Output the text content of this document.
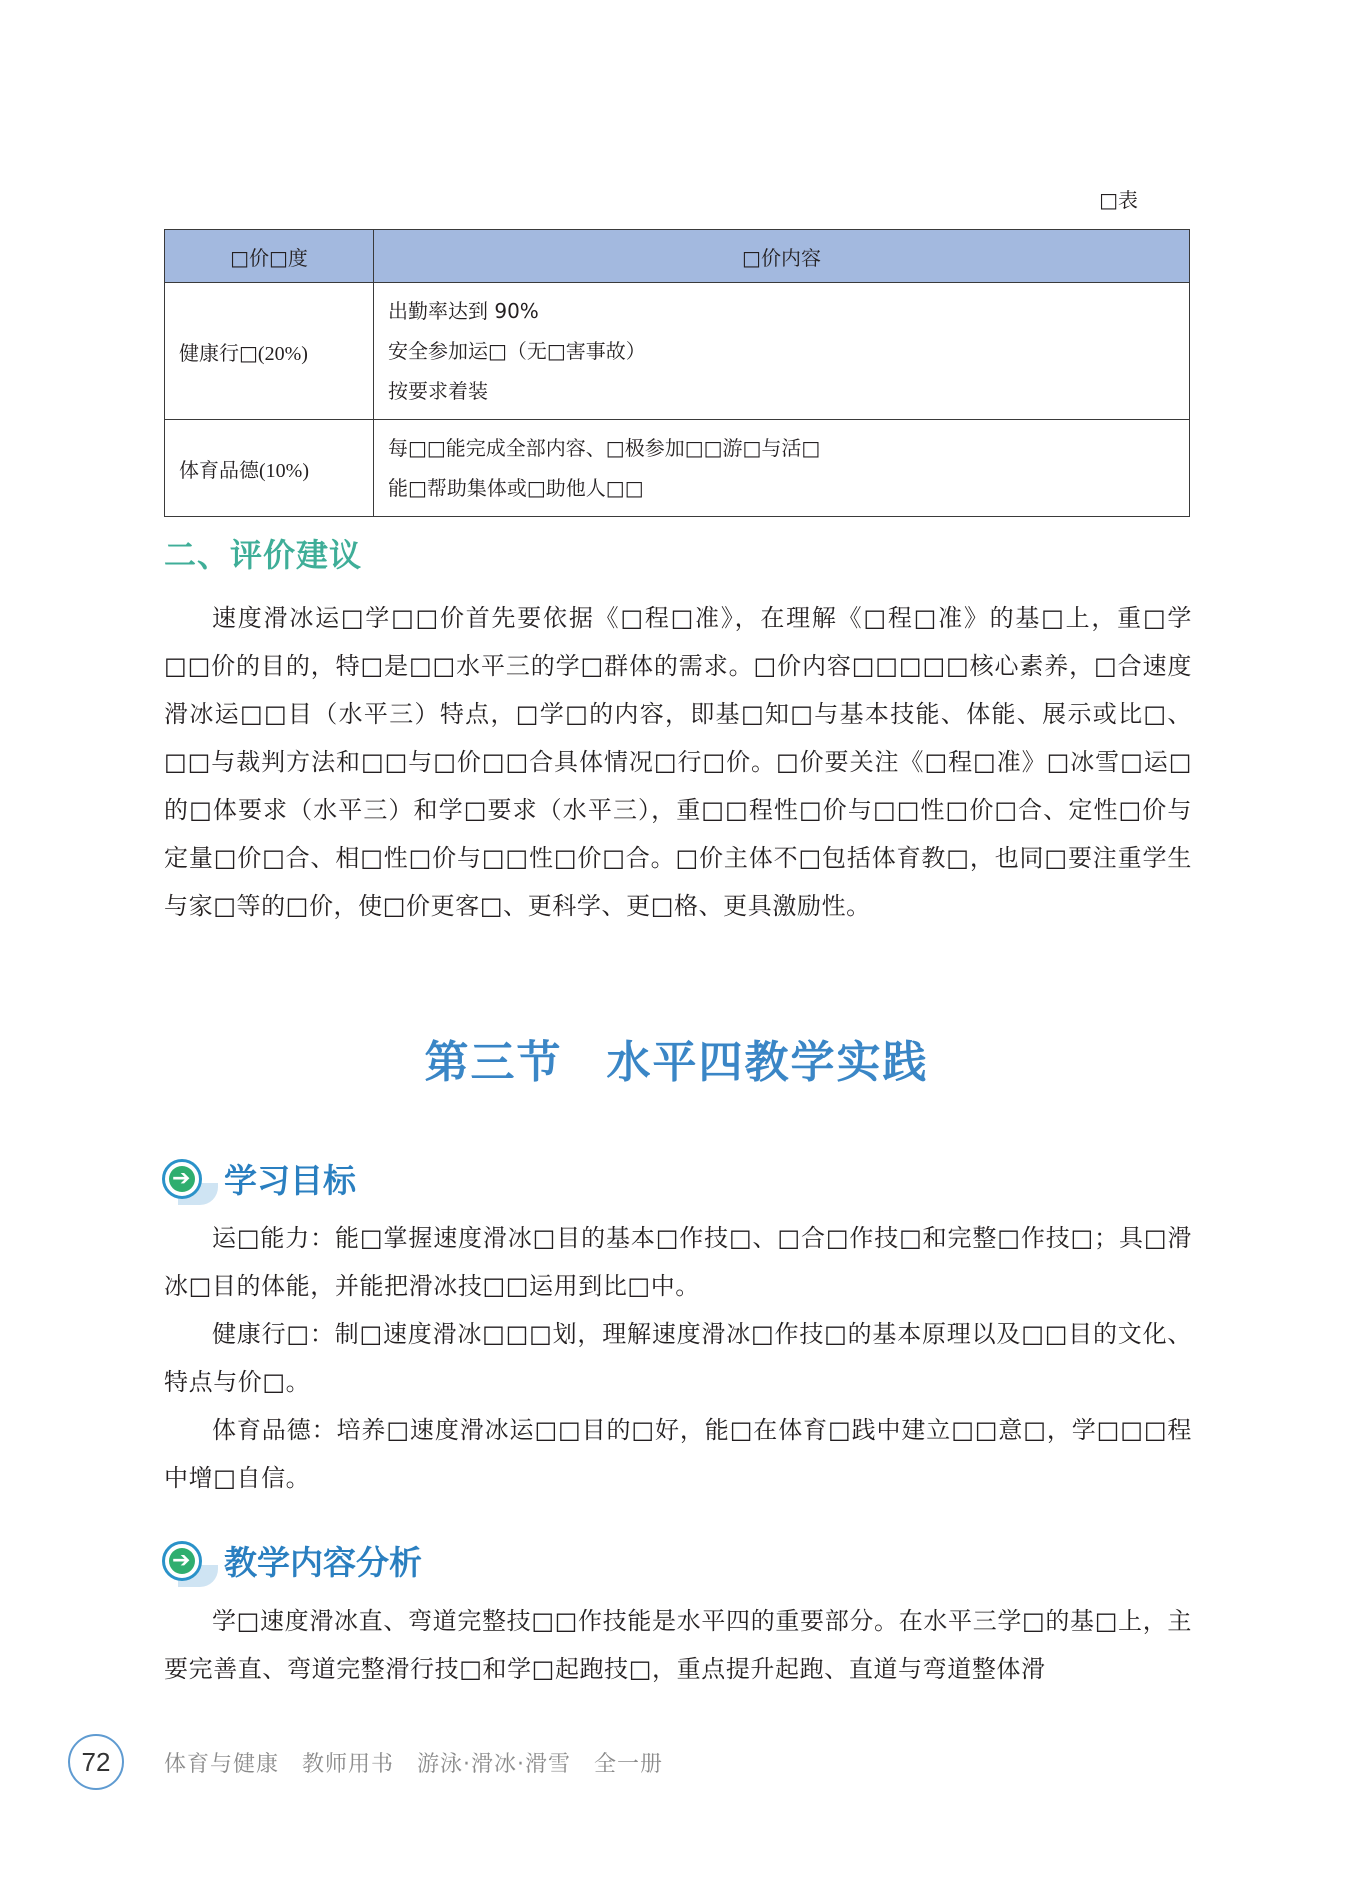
□表
□价□度	□价内容
健康行□(20%)	出勤率达到 90%
安全参加运□（无□害事故）
按要求着装

体育品德(10%)	每□□能完成全部内容、□极参加□□游□与活□
能□帮助集体或□助他人□□
二、评价建议

速度滑冰运□学□□价首先要依据《□程□准》，在理解《□程□准》的基□上，重□学□□价的目的，特□是□□水平三的学□群体的需求。□价内容□□□□□核心素养，□合速度滑冰运□□目（水平三）特点，□学□的内容，即基□知□与基本技能、体能、展示或比□、□□与裁判方法和□□与□价□□合具体情况□行□价。□价要关注《□程□准》□冰雪□运□的□体要求（水平三）和学□要求（水平三），重□□程性□价与□□性□价□合、定性□价与定量□价□合、相□性□价与□□性□价□合。□价主体不□包括体育教□，也同□要注重学生与家□等的□价，使□价更客□、更科学、更□格、更具激励性。

第三节 水平四教学实践
➔ 学习目标

运□能力：能□掌握速度滑冰□目的基本□作技□、□合□作技□和完整□作技□；具□滑冰□目的体能，并能把滑冰技□□运用到比□中。

健康行□：制□速度滑冰□□□划，理解速度滑冰□作技□的基本原理以及□□目的文化、特点与价□。

体育品德：培养□速度滑冰运□□目的□好，能□在体育□践中建立□□意□，学□□□程中增□自信。

➔ 教学内容分析

学□速度滑冰直、弯道完整技□□作技能是水平四的重要部分。在水平三学□的基□上，主要完善直、弯道完整滑行技□和学□起跑技□，重点提升起跑、直道与弯道整体滑

72	体育与健康　教师用书　游泳·滑冰·滑雪　全一册
